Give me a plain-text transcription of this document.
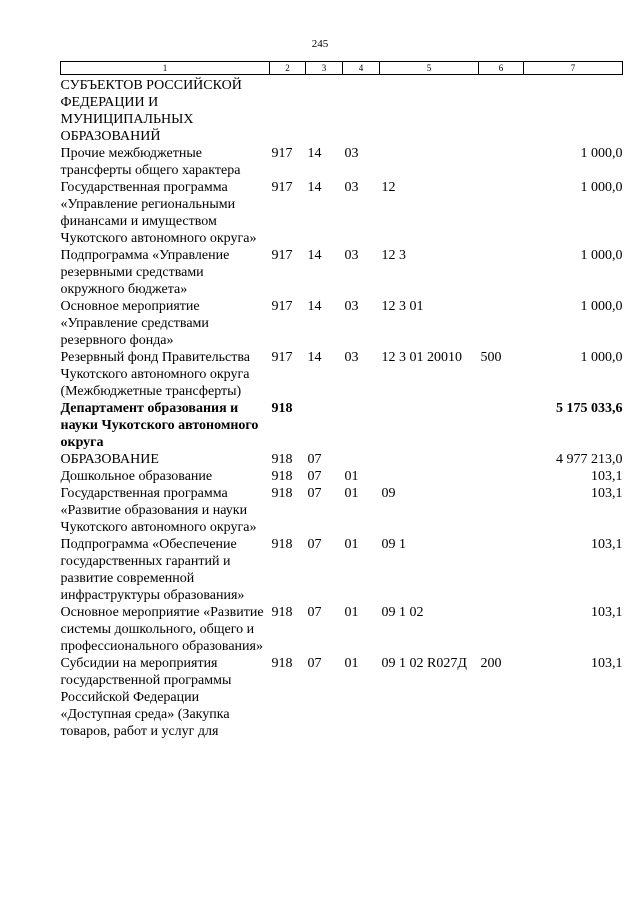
245
1	2	3	4	5	6	7
СУБЪЕКТОВ РОССИЙСКОЙ ФЕДЕРАЦИИ И МУНИЦИПАЛЬНЫХ ОБРАЗОВАНИЙ						
Прочие межбюджетные трансферты общего характера	917	14	03			1 000,0
Государственная программа «Управление региональными финансами и имуществом Чукотского автономного округа»	917	14	03	12		1 000,0
Подпрограмма «Управление резервными средствами окружного бюджета»	917	14	03	12 3		1 000,0
Основное мероприятие «Управление средствами резервного фонда»	917	14	03	12 3 01		1 000,0
Резервный фонд Правительства Чукотского автономного округа (Межбюджетные трансферты)	917	14	03	12 3 01 20010	500	1 000,0
Департамент образования и науки Чукотского автономного округа	918					5 175 033,6
ОБРАЗОВАНИЕ	918	07				4 977 213,0
Дошкольное образование	918	07	01			103,1
Государственная программа «Развитие образования и науки Чукотского автономного округа»	918	07	01	09		103,1
Подпрограмма «Обеспечение государственных гарантий и развитие современной инфраструктуры образования»	918	07	01	09 1		103,1
Основное мероприятие «Развитие системы дошкольного, общего и профессионального образования»	918	07	01	09 1 02		103,1
Субсидии на мероприятия государственной программы Российской Федерации «Доступная среда» (Закупка товаров, работ и услуг для	918	07	01	09 1 02 R027Д	200	103,1
